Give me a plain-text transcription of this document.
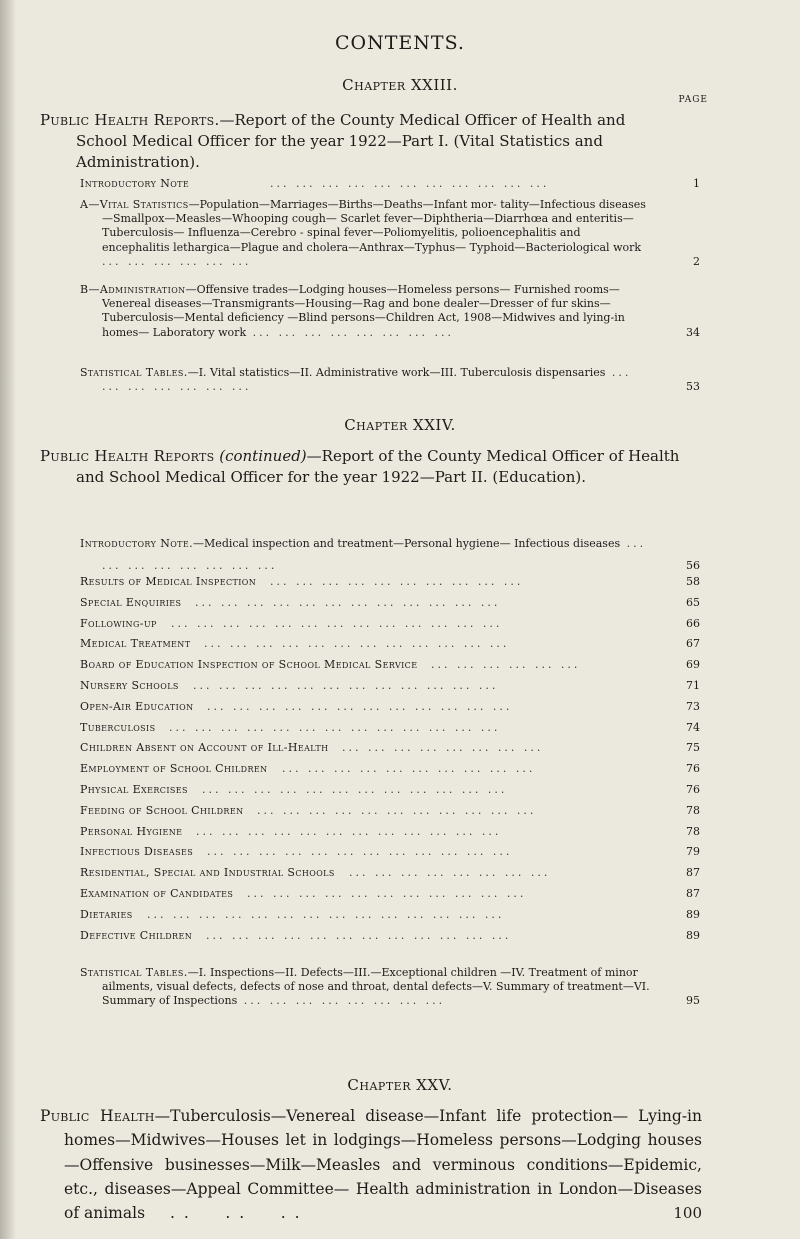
CONTENTS.
Chapter XXIII.
PAGE
Public Health Reports.—Report of the County Medical Officer of Health and School Medical Officer for the year 1922—Part I. (Vital Statistics and Administration).
Introductory Note	... ... ... ... ... ... ... ... ... ... ...	1
A—Vital Statistics—Population—Marriages—Births—Deaths—Infant mor- tality—Infectious diseases—Smallpox—Measles—Whooping cough— Scarlet fever—Diphtheria—Diarrhœa and enteritis—Tuberculosis— Influenza—Cerebro - spinal fever—Poliomyelitis, polioencephalitis and encephalitis lethargica—Plague and cholera—Anthrax—Typhus— Typhoid—Bacteriological work ... ... ... ... ... ...	2
B—Administration—Offensive trades—Lodging houses—Homeless persons— Furnished rooms—Venereal diseases—Transmigrants—Housing—Rag and bone dealer—Dresser of fur skins—Tuberculosis—Mental deficiency —Blind persons—Children Act, 1908—Midwives and lying-in homes— Laboratory work ... ... ... ... ... ... ... ...	34
Statistical Tables.—I. Vital statistics—II. Administrative work—III. Tuberculosis dispensaries ... ... ... ... ... ... ...	53
Chapter XXIV.
Public Health Reports (continued)—Report of the County Medical Officer of Health and School Medical Officer for the year 1922—Part II. (Education).
Introductory Note.—Medical inspection and treatment—Personal hygiene— Infectious diseases ... ... ... ... ... ... ... ...	56
Results of Medical Inspection ... ... ... ... ... ... ... ... ... ...	58
Special Enquiries ... ... ... ... ... ... ... ... ... ... ... ...	65
Following-up ... ... ... ... ... ... ... ... ... ... ... ... ...	66
Medical Treatment ... ... ... ... ... ... ... ... ... ... ... ...	67
Board of Education Inspection of School Medical Service ... ... ... ... ... ...	69
Nursery Schools ... ... ... ... ... ... ... ... ... ... ... ...	71
Open-Air Education ... ... ... ... ... ... ... ... ... ... ... ...	73
Tuberculosis ... ... ... ... ... ... ... ... ... ... ... ... ...	74
Children Absent on Account of Ill-Health ... ... ... ... ... ... ... ...	75
Employment of School Children ... ... ... ... ... ... ... ... ... ...	76
Physical Exercises ... ... ... ... ... ... ... ... ... ... ... ...	76
Feeding of School Children ... ... ... ... ... ... ... ... ... ... ...	78
Personal Hygiene ... ... ... ... ... ... ... ... ... ... ... ...	78
Infectious Diseases ... ... ... ... ... ... ... ... ... ... ... ...	79
Residential, Special and Industrial Schools ... ... ... ... ... ... ... ...	87
Examination of Candidates ... ... ... ... ... ... ... ... ... ... ...	87
Dietaries ... ... ... ... ... ... ... ... ... ... ... ... ... ...	89
Defective Children ... ... ... ... ... ... ... ... ... ... ... ...	89
Statistical Tables.—I. Inspections—II. Defects—III.—Exceptional children —IV. Treatment of minor ailments, visual defects, defects of nose and throat, dental defects—V. Summary of treatment—VI. Summary of Inspections ... ... ... ... ... ... ... ...	95
Chapter XXV.
Public Health—Tuberculosis—Venereal disease—Infant life protection— Lying-in homes—Midwives—Houses let in lodgings—Homeless persons—Lodging houses—Offensive businesses—Milk—Measles and verminous conditions—Epidemic, etc., diseases—Appeal Committee— Health administration in London—Diseases of animals . .     . .     . .	100
